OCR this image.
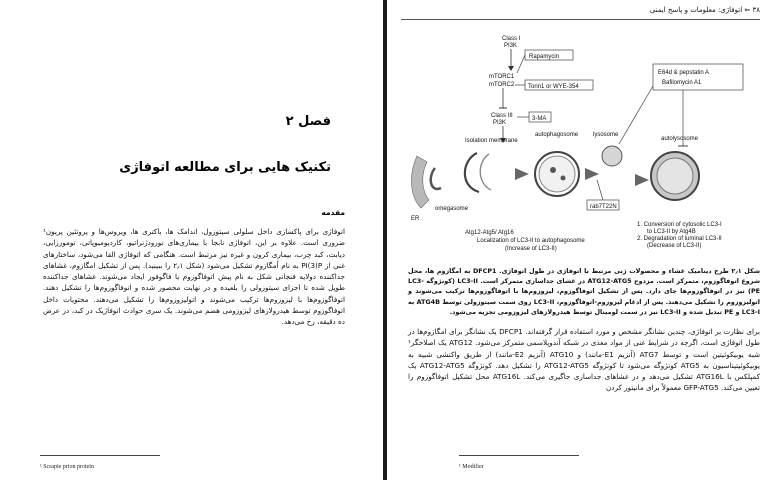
فصل ۲
تکنیک هایی برای مطالعه اتوفاژی
مقدمه
اتوفاژی برای پاکسازی داخل سلولی سیتوزول، اندامک ها، باکتری ها، ویروس‌ها و پروتئین پریون¹ ضروری است. علاوه بر این، اتوفاژی نابجا با بیماری‌های نورودژنراتیو، کاردیومیوپاتی، تومورزایی، دیابت، کبد چرب، بیماری کرون و غیره نیز مرتبط است. هنگامی که اتوفاژی القا می‌شود، ساختارهای غنی از PI(3)P به نام اُمگازوم تشکیل می‌شود (شکل ۲٫۱ را ببینید). پس از تشکیل امگازوم، غشاهای جداکننده دولایه فنجانی شکل به نام پیش اتوفاگوزوم یا فاگوفور ایجاد می‌شوند. غشاهای جداکننده طویل شده تا اجزای سیتوزولی را بلعیده و در نهایت محصور شده و اتوفاگوزوم‌ها را تشکیل دهند. اتوفاگوزوم‌ها با لیزوزوم‌ها ترکیب می‌شوند و اتولیزوزوم‌ها را تشکیل می‌دهند. محتویات داخل اتوفاگوزوم توسط هیدرولازهای لیزوزومی هضم می‌شوند. یک سری حوادث اتوفاژیک در کبد، در عرض ده دقیقه، رخ می‌دهد.
¹ Scrapie prion protein
۳۸ ⇐ اتوفاژی: معلومات و پاسخ ایمنی
Class I
PI3K
Rapamycin
mTORC1
mTORC2 Torin1 or WYE-354
Class III
PI3K
3-MA
ER
omegasome
Isolation membrane
autophagosome lysosome
autolysosome
E64d & pepstatin A
Bafilomycin A1
rab7T22N
Atg12-Atg5/ Atg16
Localization of LC3-II to autophagosome
(Increase of LC3-II)
1. Conversion of cytosolic LC3-I
to LC3-II by Atg4B
2. Degradation of luminal LC3-II
(Decrease of LC3-II)
شکل ۲٫۱ طرح دینامیک غشاء و محصولات ژنی مرتبط با اتوفاژی در طول اتوفاژی. DFCP1 به امگازوم ها، محل شروع اتوفاگوزوم، متمرکز است. مزدوج ATG12-ATG5 در غشای جداسازی متمرکز است. LC3-II (کونژوگه LC3-PE) نیز در اتوفاگوزوم‌ها جای دارد. پس از تشکیل اتوفاگوزوم، لیزوزوم‌ها با اتوفاگوزوم‌ها ترکیب می‌شوند و اتولیزوزوم را تشکیل می‌دهند. پس از ادغام لیزوزوم-اتوفاگوزوم، LC3-II روی سمت سیتوزولی توسط ATG4B به LC3-I و PE تبدیل شده و LC3-II نیز در سمت لومینال توسط هیدرولازهای لیزوزومی تجزیه می‌شود.
برای نظارت بر اتوفاژی، چندین نشانگر مشخص و مورد استفاده قرار گرفته‌اند. DFCP1 یک نشانگر برای امگازوم‌ها در طول اتوفاژی است، اگرچه در شرایط غنی از مواد مغذی در شبکه آندوپلاسمی متمرکز می‌شود. ATG12 یک اصلاحگر¹ شبه یوبیکوئیتین است و توسط ATG7 (آنزیم E1-مانند) و ATG10 (آنزیم E2-مانند) از طریق واکنشی شبیه به یوبیکوئیتیناسیون به ATG5 کونژوگه می‌شود تا کونژوگه ATG12-ATG5 را تشکیل دهد. کونژوگه ATG12-ATG5 یک کمپلکس با ATG16L تشکیل می‌دهد و در غشاهای جداسازی جاگیری می‌کند. ATG16L محل تشکیل اتوفاگوزوم را تعیین می‌کند. GFP-ATG5 معمولاً برای مانیتور کردن
¹ Modifier
